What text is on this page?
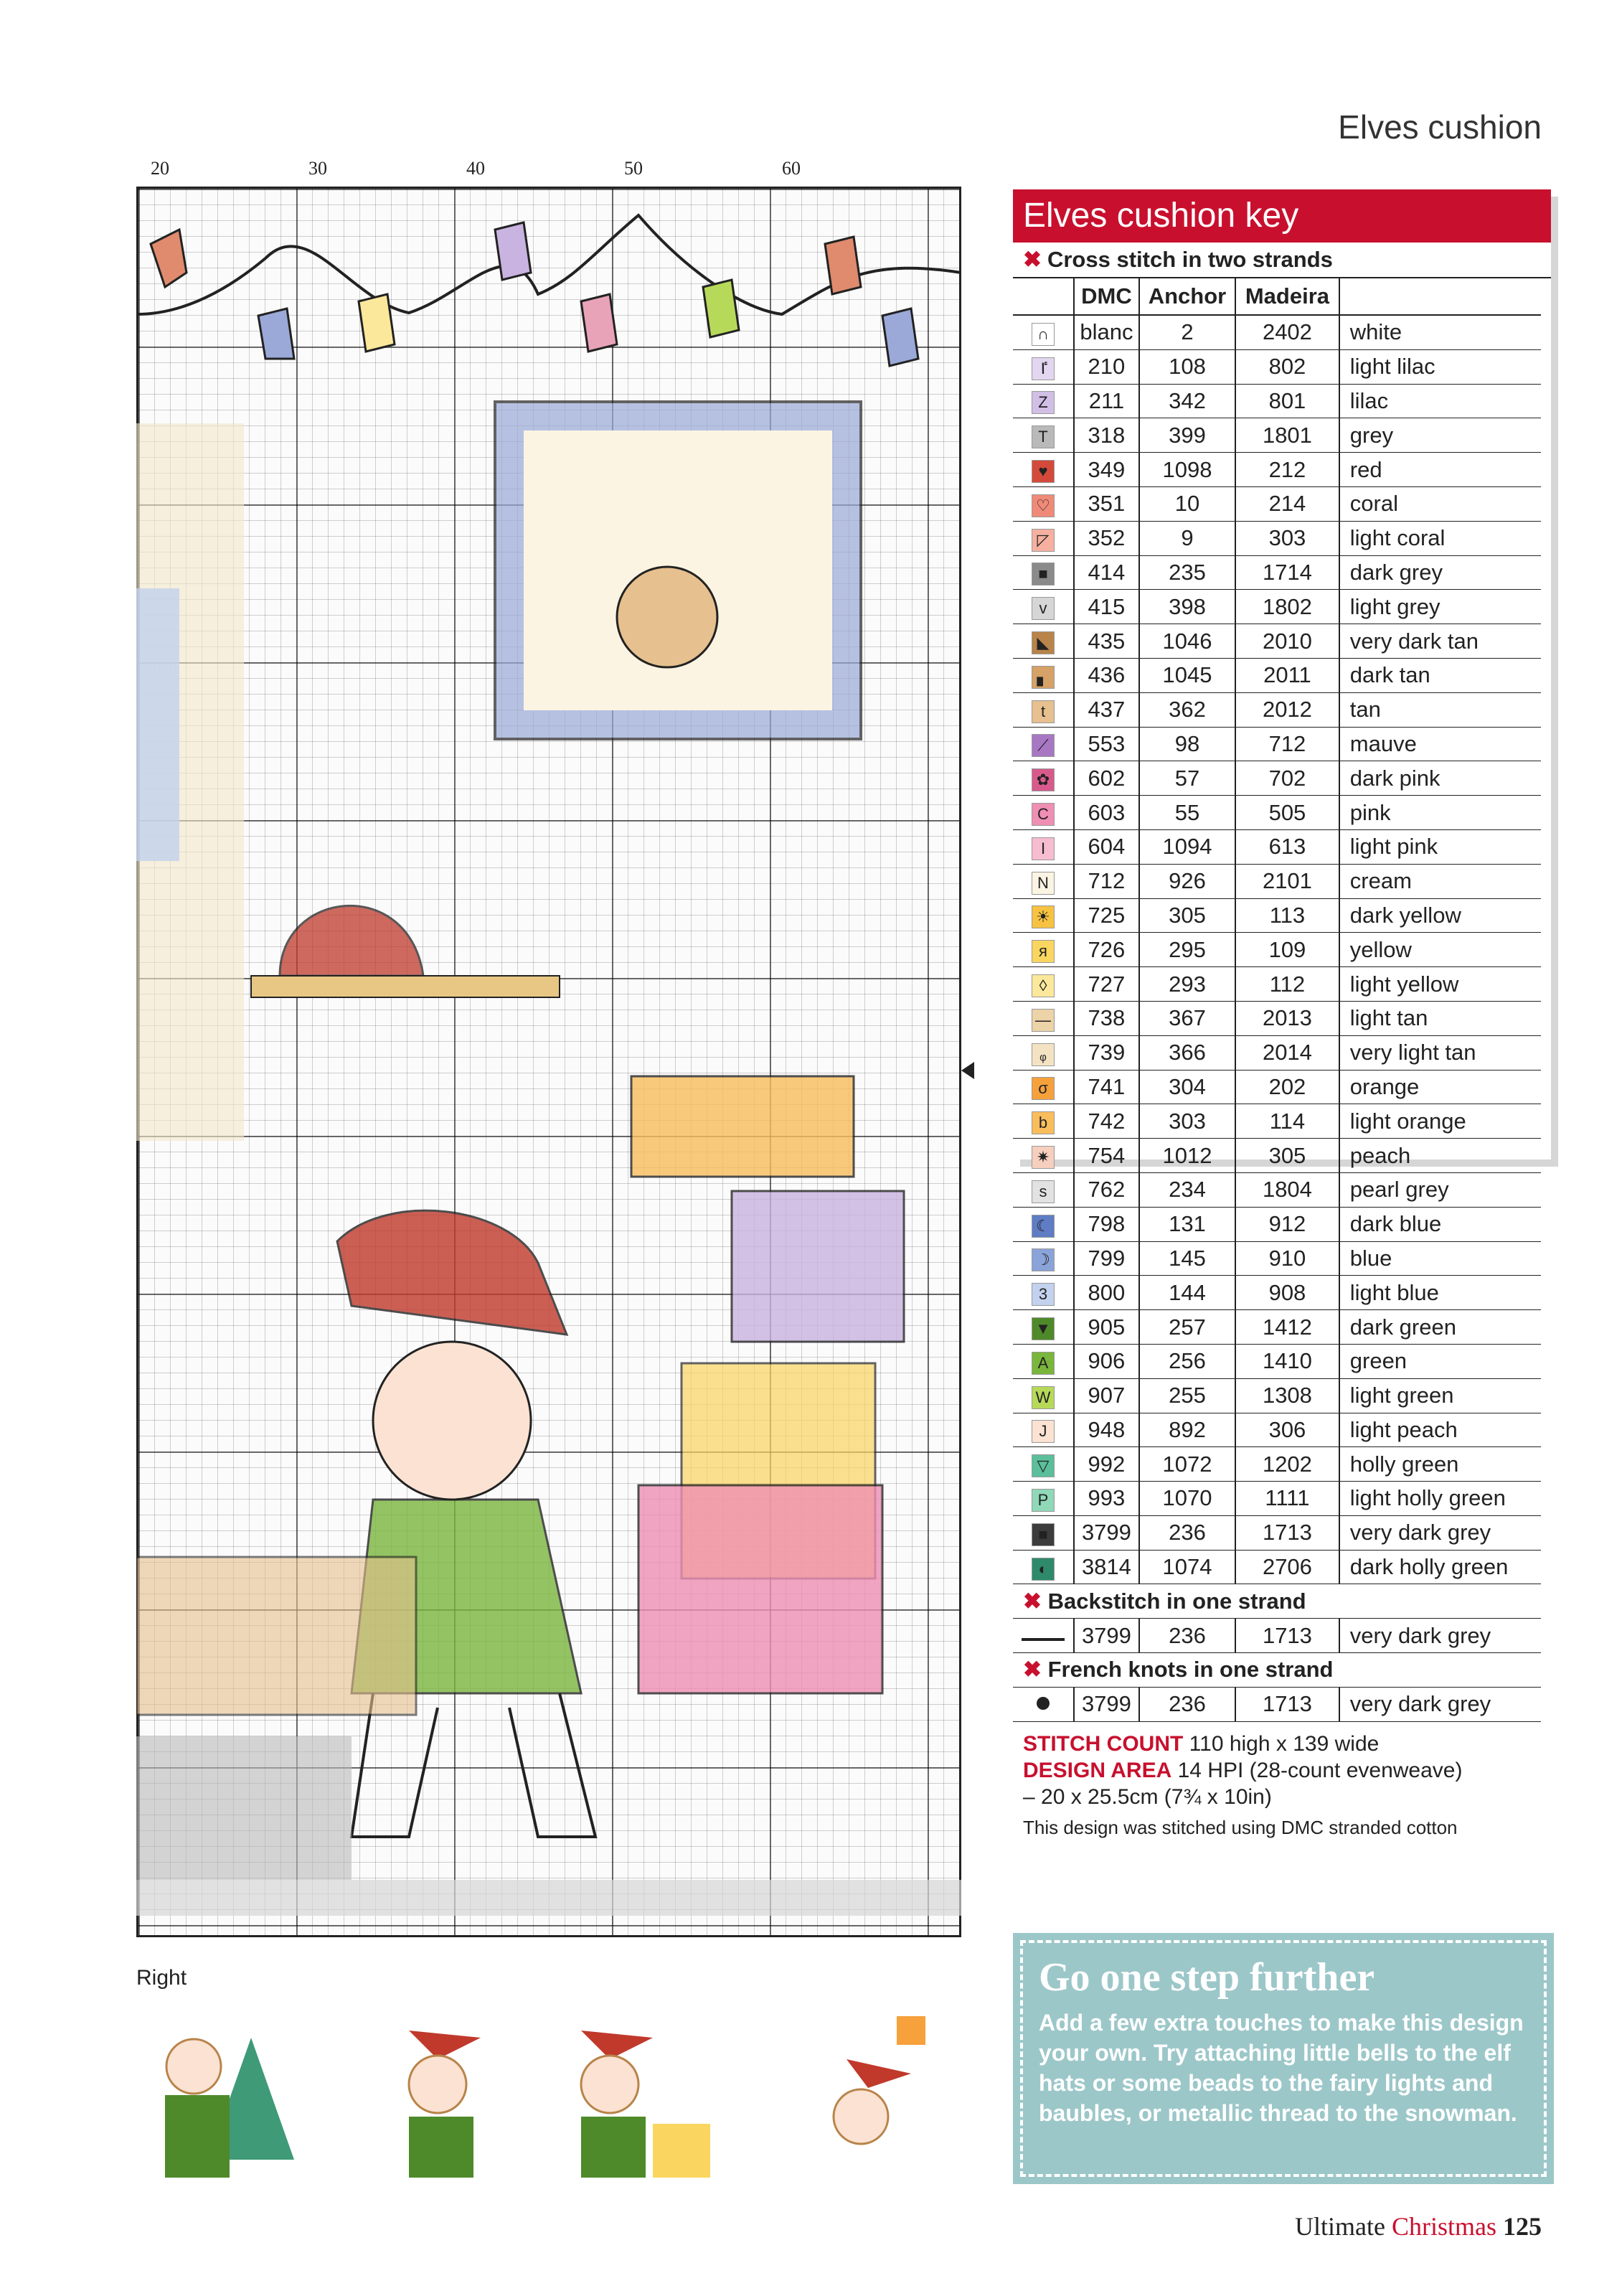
Elves cushion
20	30	40	50	60
Right
Elves cushion key
✖ Cross stitch in two strands
	DMC	Anchor	Madeira	
∩	blanc	2	2402	white
ٵ	210	108	802	light lilac
Z	211	342	801	lilac
T	318	399	1801	grey
♥	349	1098	212	red
♡	351	10	214	coral
◸	352	9	303	light coral
■	414	235	1714	dark grey
v	415	398	1802	light grey
◣	435	1046	2010	very dark tan
▖	436	1045	2011	dark tan
t	437	362	2012	tan
⟋	553	98	712	mauve
✿	602	57	702	dark pink
C	603	55	505	pink
I	604	1094	613	light pink
N	712	926	2101	cream
☀	725	305	113	dark yellow
я	726	295	109	yellow
◊	727	293	112	light yellow
—	738	367	2013	light tan
ᵩ	739	366	2014	very light tan
σ	741	304	202	orange
b	742	303	114	light orange
✷	754	1012	305	peach
s	762	234	1804	pearl grey
☾	798	131	912	dark blue
☽	799	145	910	blue
3	800	144	908	light blue
▼	905	257	1412	dark green
A	906	256	1410	green
W	907	255	1308	light green
J	948	892	306	light peach
▽	992	1072	1202	holly green
P	993	1070	1111	light holly green
■	3799	236	1713	very dark grey
◐	3814	1074	2706	dark holly green
✖ Backstitch in one strand				
	3799	236	1713	very dark grey
✖ French knots in one strand				
	3799	236	1713	very dark grey
STITCH COUNT 110 high x 139 wide
DESIGN AREA 14 HPI (28-count evenweave)
– 20 x 25.5cm (7¾ x 10in)
This design was stitched using DMC stranded cotton
Go one step further
Add a few extra touches to make this design your own. Try attaching little bells to the elf hats or some beads to the fairy lights and baubles, or metallic thread to the snowman.
Ultimate Christmas 125
